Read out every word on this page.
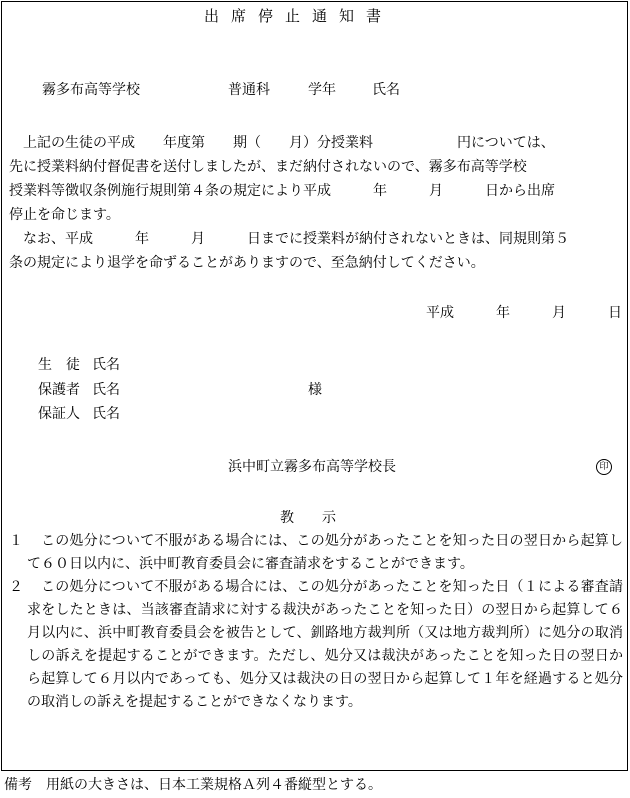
出席停止通知書
霧多布高等学校	普通科	学年	氏名
上記の生徒の平成　　年度第　　期（　　月）分授業料　　　　　　円については、
先に授業料納付督促書を送付しましたが、まだ納付されないので、霧多布高等学校
授業料等徴収条例施行規則第４条の規定により平成　　　年　　　月　　　日から出席
停止を命じます。
なお、平成　　　年　　　月　　　日までに授業料が納付されないときは、同規則第５
条の規定により退学を命ずることがありますので、至急納付してください。
平成　　　年　　　月　　　日
生　徒 氏名
保護者 氏名	様
保証人 氏名
浜中町立霧多布高等学校長	印
教　　示
１	この処分について不服がある場合には、この処分があったことを知った日の翌日から起算して６０日以内に、浜中町教育委員会に審査請求をすることができます。
２	この処分について不服がある場合には、この処分があったことを知った日（１による審査請求をしたときは、当該審査請求に対する裁決があったことを知った日）の翌日から起算して６月以内に、浜中町教育委員会を被告として、釧路地方裁判所（又は地方裁判所）に処分の取消しの訴えを提起することができます。ただし、処分又は裁決があったことを知った日の翌日から起算して６月以内であっても、処分又は裁決の日の翌日から起算して１年を経過すると処分の取消しの訴えを提起することができなくなります。
備考　用紙の大きさは、日本工業規格Ａ列４番縦型とする。
